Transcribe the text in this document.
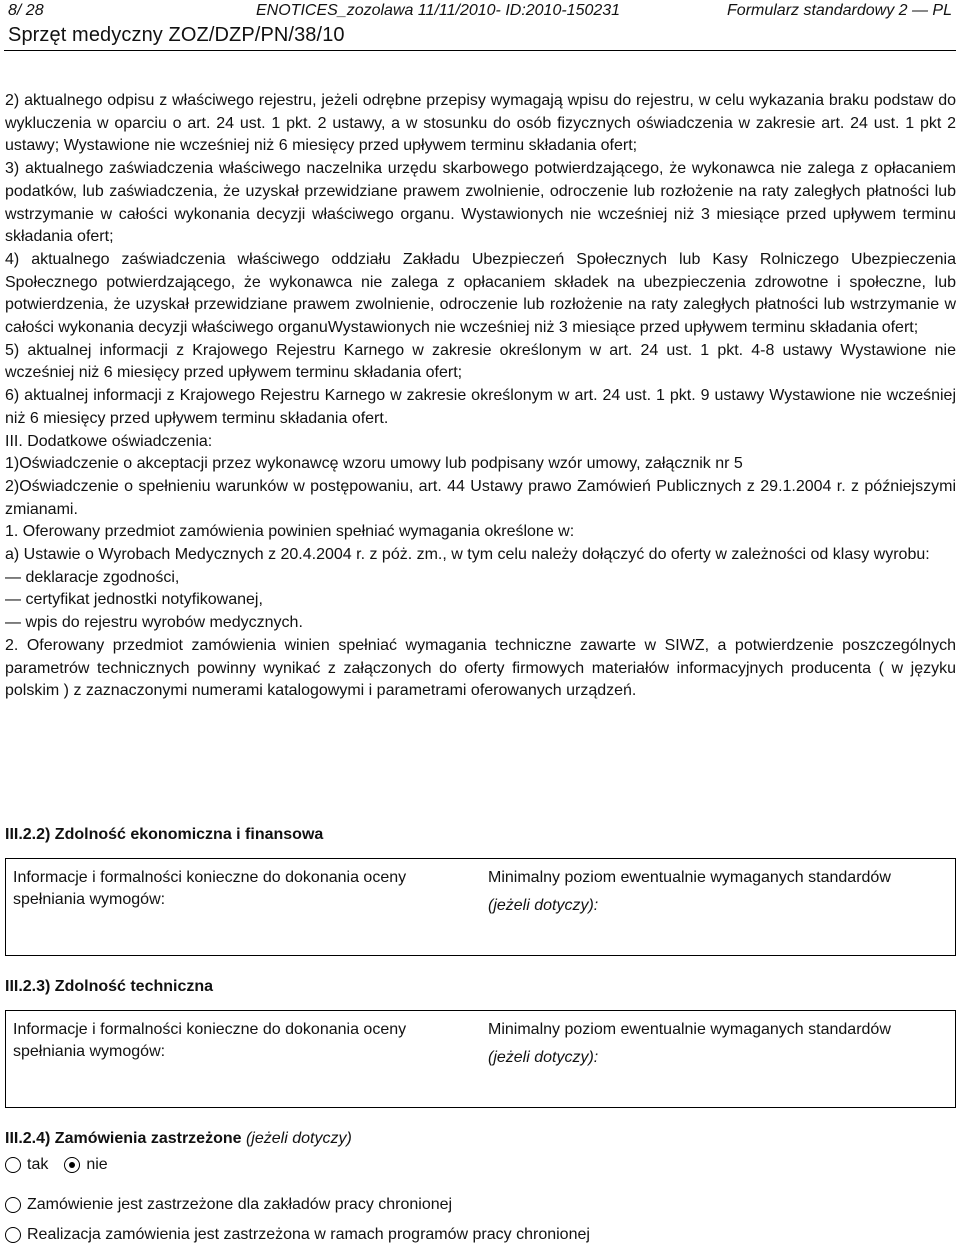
8/ 28	ENOTICES_zozolawa 11/11/2010- ID:2010-150231	Formularz standardowy 2 — PL
Sprzęt medyczny ZOZ/DZP/PN/38/10

2) aktualnego odpisu z właściwego rejestru, jeżeli odrębne przepisy wymagają wpisu do rejestru, w celu wykazania braku podstaw do wykluczenia w oparciu o art. 24 ust. 1 pkt. 2 ustawy, a w stosunku do osób fizycznych oświadczenia w zakresie art. 24 ust. 1 pkt 2 ustawy; Wystawione nie wcześniej niż 6 miesięcy przed upływem terminu składania ofert;

3) aktualnego zaświadczenia właściwego naczelnika urzędu skarbowego potwierdzającego, że wykonawca nie zalega z opłacaniem podatków, lub zaświadczenia, że uzyskał przewidziane prawem zwolnienie, odroczenie lub rozłożenie na raty zaległych płatności lub wstrzymanie w całości wykonania decyzji właściwego organu. Wystawionych nie wcześniej niż 3 miesiące przed upływem terminu składania ofert;

4) aktualnego zaświadczenia właściwego oddziału Zakładu Ubezpieczeń Społecznych lub Kasy Rolniczego Ubezpieczenia Społecznego potwierdzającego, że wykonawca nie zalega z opłacaniem składek na ubezpieczenia zdrowotne i społeczne, lub potwierdzenia, że uzyskał przewidziane prawem zwolnienie, odroczenie lub rozłożenie na raty zaległych płatności lub wstrzymanie w całości wykonania decyzji właściwego organuWystawionych nie wcześniej niż 3 miesiące przed upływem terminu składania ofert;

5) aktualnej informacji z Krajowego Rejestru Karnego w zakresie określonym w art. 24 ust. 1 pkt. 4-8 ustawy Wystawione nie wcześniej niż 6 miesięcy przed upływem terminu składania ofert;

6) aktualnej informacji z Krajowego Rejestru Karnego w zakresie określonym w art. 24 ust. 1 pkt. 9 ustawy Wystawione nie wcześniej niż 6 miesięcy przed upływem terminu składania ofert.

III. Dodatkowe oświadczenia:

1)Oświadczenie o akceptacji przez wykonawcę wzoru umowy lub podpisany wzór umowy, załącznik nr 5

2)Oświadczenie o spełnieniu warunków w postępowaniu, art. 44 Ustawy prawo Zamówień Publicznych z 29.1.2004 r. z późniejszymi zmianami.

1. Oferowany przedmiot zamówienia powinien spełniać wymagania określone w:

a) Ustawie o Wyrobach Medycznych z 20.4.2004 r. z póż. zm., w tym celu należy dołączyć do oferty w zależności od klasy wyrobu:

— deklaracje zgodności,

— certyfikat jednostki notyfikowanej,

— wpis do rejestru wyrobów medycznych.

2. Oferowany przedmiot zamówienia winien spełniać wymagania techniczne zawarte w SIWZ, a potwierdzenie poszczególnych parametrów technicznych powinny wynikać z załączonych do oferty firmowych materiałów informacyjnych producenta ( w języku polskim ) z zaznaczonymi numerami katalogowymi i parametrami oferowanych urządzeń.

III.2.2) Zdolność ekonomiczna i finansowa

Informacje i formalności konieczne do dokonania oceny spełniania wymogów:
Minimalny poziom ewentualnie wymaganych standardów
(jeżeli dotyczy):

III.2.3) Zdolność techniczna

Informacje i formalności konieczne do dokonania oceny spełniania wymogów:
Minimalny poziom ewentualnie wymaganych standardów
(jeżeli dotyczy):

III.2.4) Zamówienia zastrzeżone (jeżeli dotyczy)

tak nie
Zamówienie jest zastrzeżone dla zakładów pracy chronionej
Realizacja zamówienia jest zastrzeżona w ramach programów pracy chronionej
